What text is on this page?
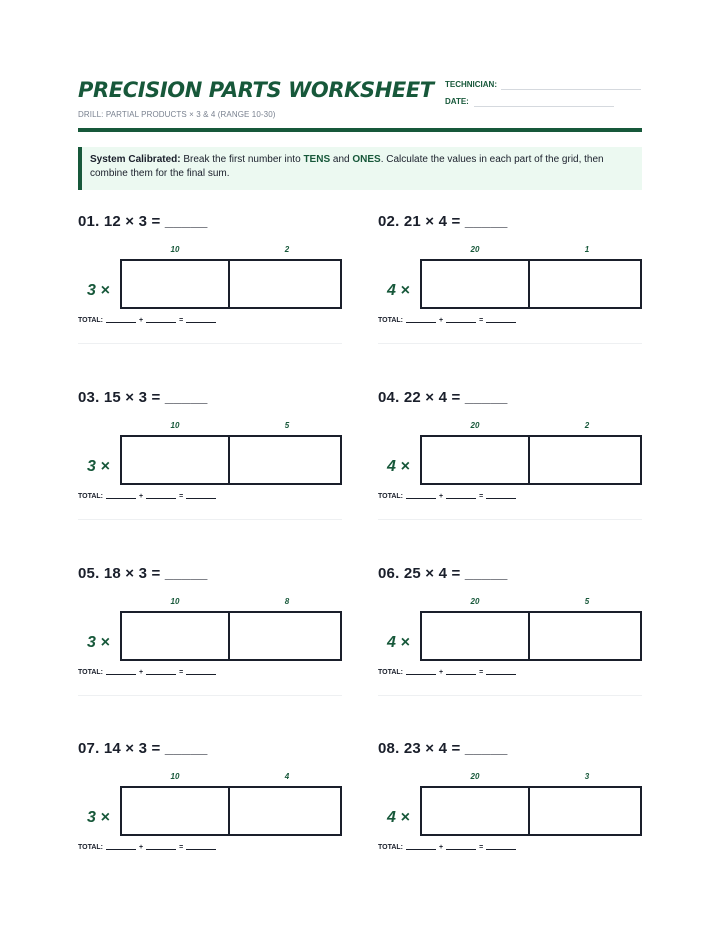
PRECISION PARTS WORKSHEET
DRILL: PARTIAL PRODUCTS × 3 & 4 (RANGE 10-30)
TECHNICIAN:
DATE:
System Calibrated: Break the first number into TENS and ONES. Calculate the values in each part of the grid, then combine them for the final sum.
01. 12 × 3 = _____
10	2
3 ×
TOTAL:	+	=
02. 21 × 4 = _____
20	1
4 ×
TOTAL:	+	=
03. 15 × 3 = _____
10	5
3 ×
TOTAL:	+	=
04. 22 × 4 = _____
20	2
4 ×
TOTAL:	+	=
05. 18 × 3 = _____
10	8
3 ×
TOTAL:	+	=
06. 25 × 4 = _____
20	5
4 ×
TOTAL:	+	=
07. 14 × 3 = _____
10	4
3 ×
TOTAL:	+	=
08. 23 × 4 = _____
20	3
4 ×
TOTAL:	+	=
